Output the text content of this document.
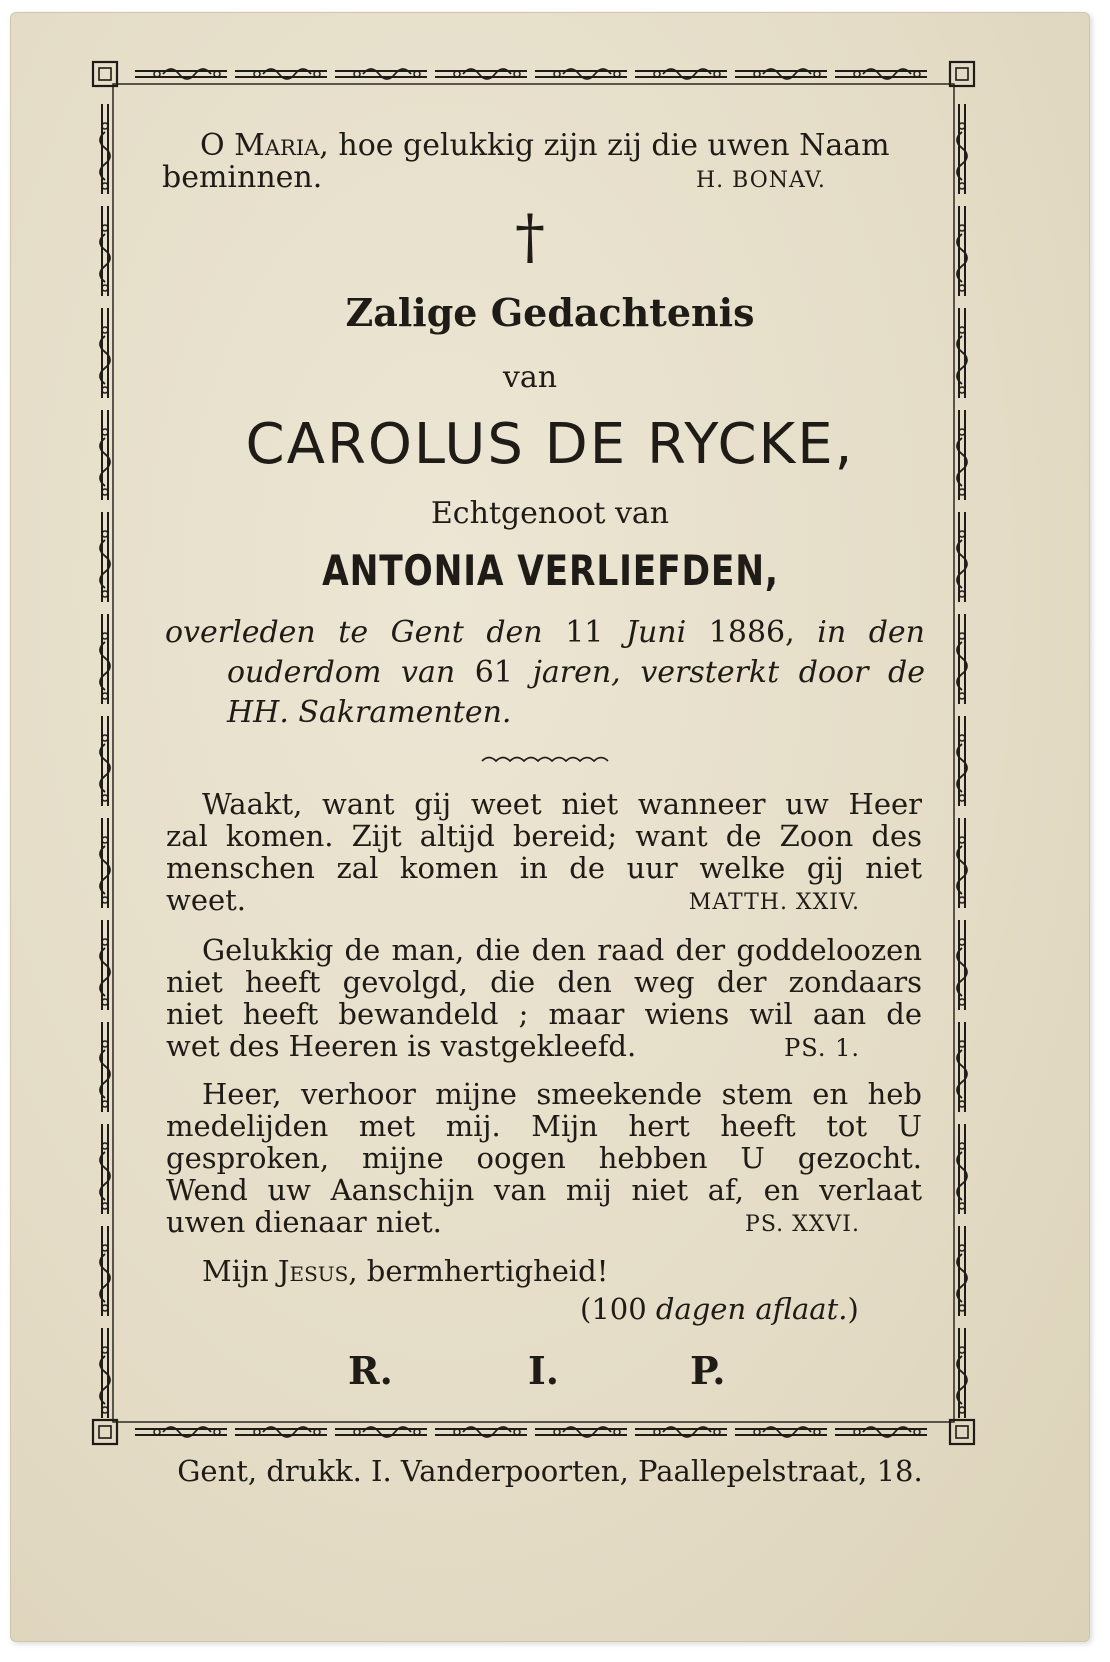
O Maria, hoe gelukkig zijn zij die uwen Naam
beminnen.	H. BONAV.
†
Zalige Gedachtenis
van
CAROLUS DE RYCKE,
Echtgenoot van
ANTONIA VERLIEFDEN,
overleden te Gent den 11 Juni 1886, in den
ouderdom van 61 jaren, versterkt door de
HH. Sakramenten.
Waakt, want gij weet niet wanneer uw Heer
zal komen. Zijt altijd bereid; want de Zoon des
menschen zal komen in de uur welke gij niet
weet.	MATTH. XXIV.
Gelukkig de man, die den raad der goddeloozen
niet heeft gevolgd, die den weg der zondaars
niet heeft bewandeld ; maar wiens wil aan de
wet des Heeren is vastgekleefd.	PS. 1.
Heer, verhoor mijne smeekende stem en heb
medelijden met mij. Mijn hert heeft tot U
gesproken, mijne oogen hebben U gezocht.
Wend uw Aanschijn van mij niet af, en verlaat
uwen dienaar niet.	PS. XXVI.
Mijn Jesus, bermhertigheid!
(100 dagen aflaat.)
R.	I.	P.
Gent, drukk. I. Vanderpoorten, Paallepelstraat, 18.
